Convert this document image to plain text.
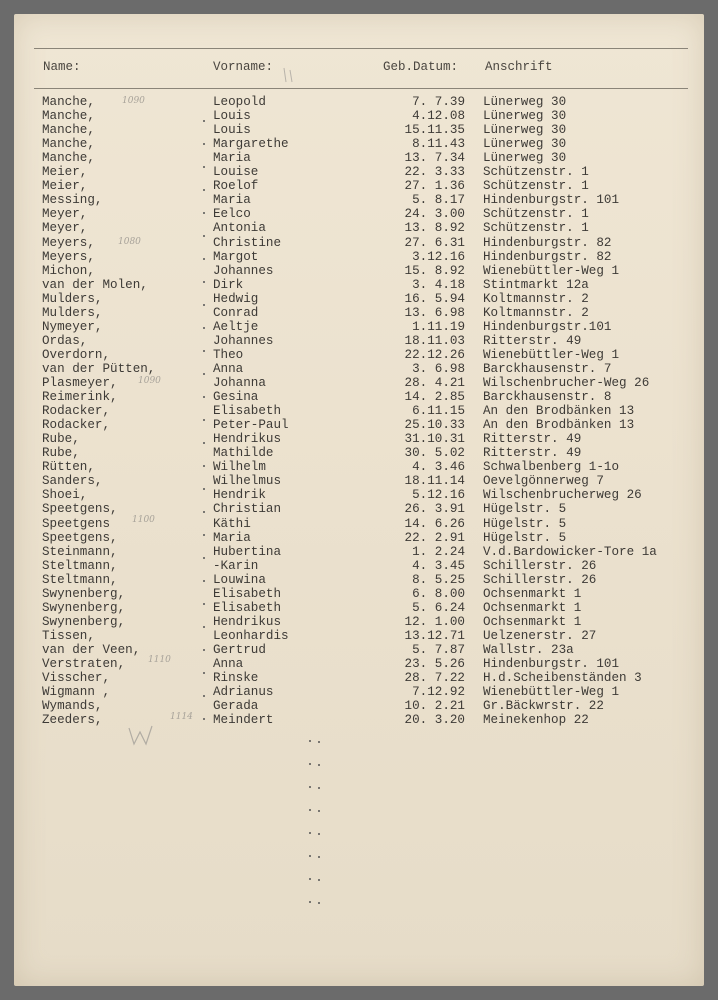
Name:	Vorname:	Geb.Datum: Anschrift
Manche,	Leopold	7. 7.39 Lünerweg 30
Manche,	Louis	4.12.08 Lünerweg 30
Manche,	Louis	15.11.35 Lünerweg 30
Manche,	Margarethe	8.11.43 Lünerweg 30
Manche,	Maria	13. 7.34 Lünerweg 30
Meier,	Louise	22. 3.33 Schützenstr. 1
Meier,	Roelof	27. 1.36 Schützenstr. 1
Messing,	Maria	5. 8.17 Hindenburgstr. 101
Meyer,	Eelco	24. 3.00 Schützenstr. 1
Meyer,	Antonia	13. 8.92 Schützenstr. 1
Meyers,	Christine	27. 6.31 Hindenburgstr. 82
Meyers,	Margot	3.12.16 Hindenburgstr. 82
Michon,	Johannes	15. 8.92 Wienebüttler-Weg 1
van der Molen,	Dirk	3. 4.18 Stintmarkt 12a
Mulders,	Hedwig	16. 5.94 Koltmannstr. 2
Mulders,	Conrad	13. 6.98 Koltmannstr. 2
Nymeyer,	Aeltje	1.11.19 Hindenburgstr.101
Ordas,	Johannes	18.11.03 Ritterstr. 49
Overdorn,	Theo	22.12.26 Wienebüttler-Weg 1
van der Pütten,	Anna	3. 6.98 Barckhausenstr. 7
Plasmeyer,	Johanna	28. 4.21 Wilschenbrucher-Weg 26
Reimerink,	Gesina	14. 2.85 Barckhausenstr. 8
Rodacker,	Elisabeth	6.11.15 An den Brodbänken 13
Rodacker,	Peter-Paul	25.10.33 An den Brodbänken 13
Rube,	Hendrikus	31.10.31 Ritterstr. 49
Rube,	Mathilde	30. 5.02 Ritterstr. 49
Rütten,	Wilhelm	4. 3.46 Schwalbenberg 1-1o
Sanders,	Wilhelmus	18.11.14 Oevelgönnerweg 7
Shoei,	Hendrik	5.12.16 Wilschenbrucherweg 26
Speetgens,	Christian	26. 3.91 Hügelstr. 5
Speetgens	Käthi	14. 6.26 Hügelstr. 5
Speetgens,	Maria	22. 2.91 Hügelstr. 5
Steinmann,	Hubertina	1. 2.24 V.d.Bardowicker-Tore 1a
Steltmann,	-Karin	4. 3.45 Schillerstr. 26
Steltmann,	Louwina	8. 5.25 Schillerstr. 26
Swynenberg,	Elisabeth	6. 8.00 Ochsenmarkt 1
Swynenberg,	Elisabeth	5. 6.24 Ochsenmarkt 1
Swynenberg,	Hendrikus	12. 1.00 Ochsenmarkt 1
Tissen,	Leonhardis	13.12.71 Uelzenerstr. 27
van der Veen,	Gertrud	5. 7.87 Wallstr. 23a
Verstraten,	Anna	23. 5.26 Hindenburgstr. 101
Visscher,	Rinske	28. 7.22 H.d.Scheibenständen 3
Wigmann ,	Adrianus	7.12.92 Wienebüttler-Weg 1
Wymands,	Gerada	10. 2.21 Gr.Bäckwrstr. 22
Zeeders,	Meindert	20. 3.20 Meinekenhop 22
1090
1080
1090
1100
1110
1114
